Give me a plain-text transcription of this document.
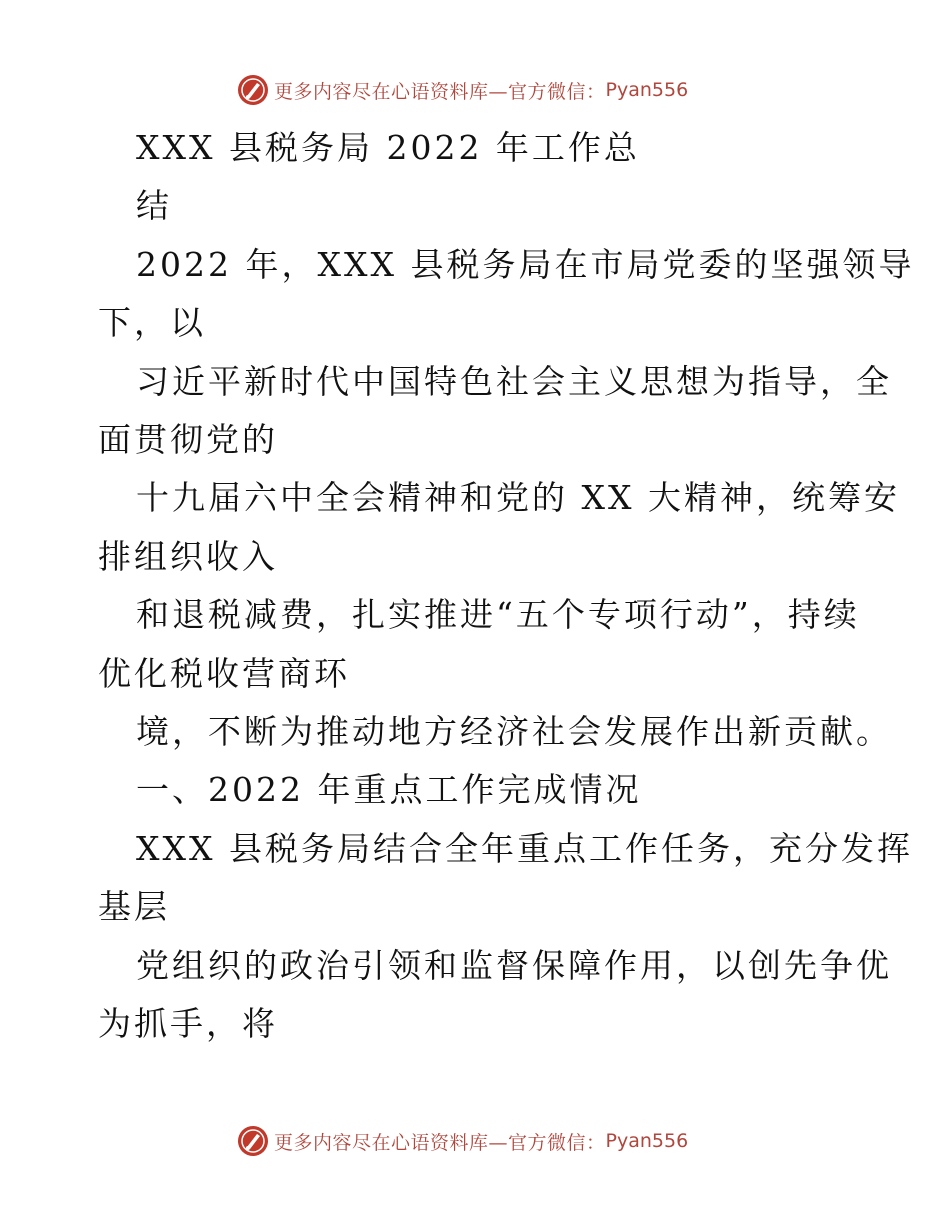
更多内容尽在心语资料库—官方微信： Pyan556
XXX 县税务局 2022 年工作总
结
2022 年，XXX 县税务局在市局党委的坚强领导
下，以
习近平新时代中国特色社会主义思想为指导，全
面贯彻党的
十九届六中全会精神和党的 XX 大精神，统筹安
排组织收入
和退税减费，扎实推进“五个专项行动”，持续
优化税收营商环
境，不断为推动地方经济社会发展作出新贡献。
一、2022 年重点工作完成情况
XXX 县税务局结合全年重点工作任务，充分发挥
基层
党组织的政治引领和监督保障作用，以创先争优
为抓手，将
更多内容尽在心语资料库—官方微信： Pyan556
